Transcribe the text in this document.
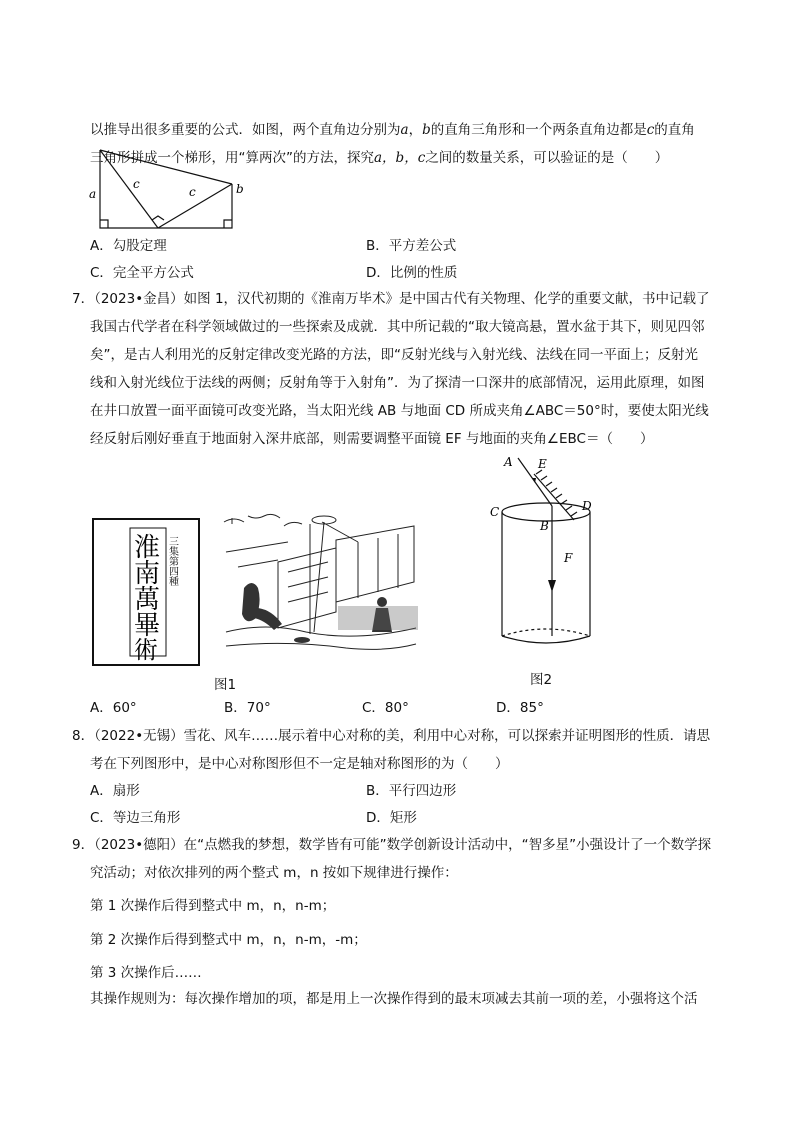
以推导出很多重要的公式．如图，两个直角边分别为a，b的直角三角形和一个两条直角边都是c的直角
三角形拼成一个梯形，用“算两次”的方法，探究a，b，c之间的数量关系，可以验证的是（　　）
a
c
c	b
A．勾股定理	B．平方差公式
C．完全平方公式	D．比例的性质
7．（2023•金昌）如图 1，汉代初期的《淮南万毕术》是中国古代有关物理、化学的重要文献，书中记载了
我国古代学者在科学领域做过的一些探索及成就．其中所记载的“取大镜高悬，置水盆于其下，则见四邻
矣”，是古人利用光的反射定律改变光路的方法，即“反射光线与入射光线、法线在同一平面上；反射光
线和入射光线位于法线的两侧；反射角等于入射角”．为了探清一口深井的底部情况，运用此原理，如图
在井口放置一面平面镜可改变光路，当太阳光线 AB 与地面 CD 所成夹角∠ABC＝50°时，要使太阳光线
经反射后刚好垂直于地面射入深井底部，则需要调整平面镜 EF 与地面的夹角∠EBC＝（　　）
淮
南
萬
畢
術
三集第四種
图1
A E
C	D
B
F
图2
A．60°	B．70°	C．80°	D．85°
8．（2022•无锡）雪花、风车……展示着中心对称的美，利用中心对称，可以探索并证明图形的性质．请思
考在下列图形中，是中心对称图形但不一定是轴对称图形的为（　　）
A．扇形	B．平行四边形
C．等边三角形	D．矩形
9．（2023•德阳）在“点燃我的梦想，数学皆有可能”数学创新设计活动中，“智多星”小强设计了一个数学探
究活动；对依次排列的两个整式 m，n 按如下规律进行操作：
第 1 次操作后得到整式中 m，n，n-m；
第 2 次操作后得到整式中 m，n，n-m，-m；
第 3 次操作后……
其操作规则为：每次操作增加的项，都是用上一次操作得到的最末项减去其前一项的差，小强将这个活
